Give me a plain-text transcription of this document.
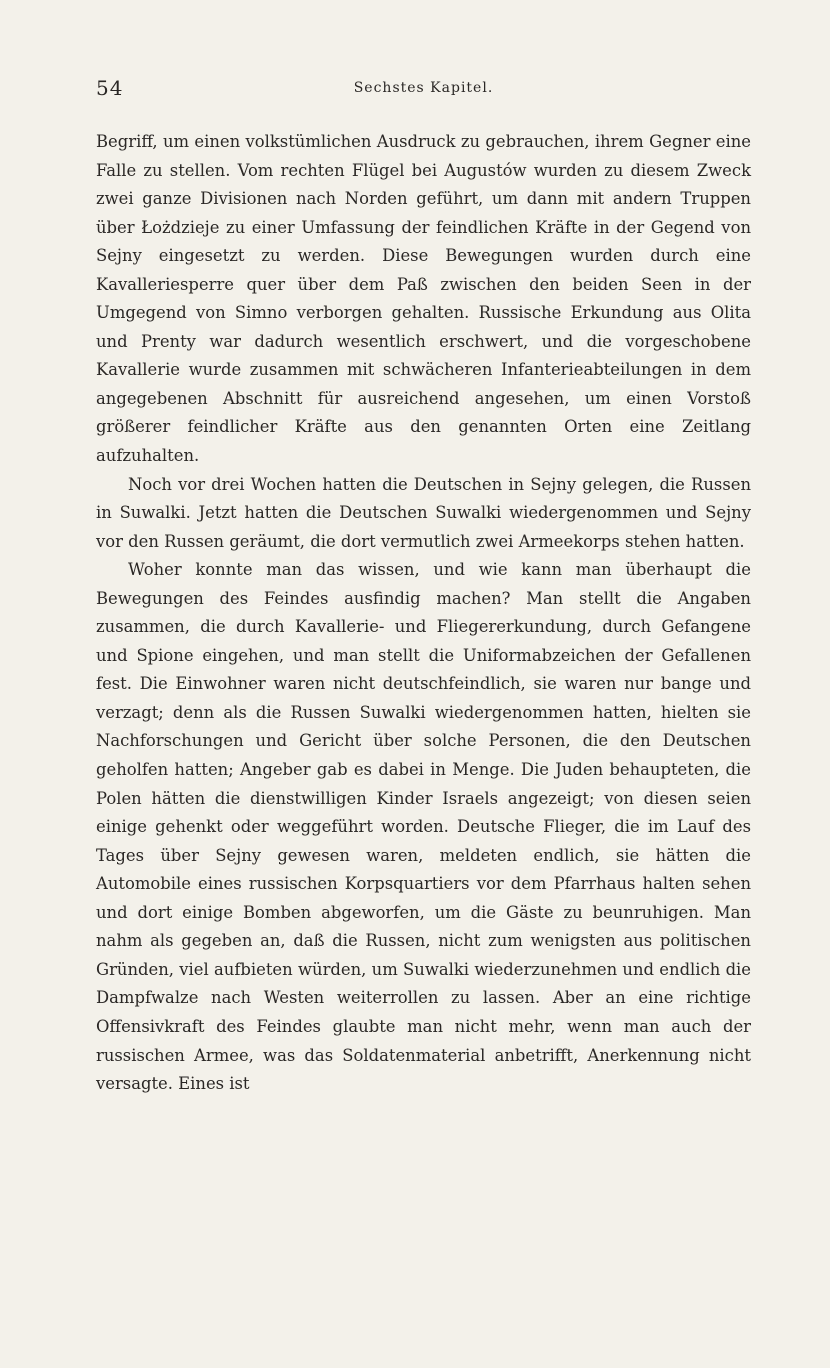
54	Sechstes Kapitel.

Begriff, um einen volkstümlichen Ausdruck zu gebrauchen, ihrem Gegner eine Falle zu stellen. Vom rechten Flügel bei Augustów wurden zu diesem Zweck zwei ganze Divisionen nach Norden geführt, um dann mit andern Truppen über Łożdzieje zu einer Umfassung der feindlichen Kräfte in der Gegend von Sejny eingesetzt zu werden. Diese Bewegungen wurden durch eine Kavalleriesperre quer über dem Paß zwischen den beiden Seen in der Umgegend von Simno verborgen gehalten. Russische Erkundung aus Olita und Prenty war dadurch wesentlich erschwert, und die vorgeschobene Kavallerie wurde zusammen mit schwächeren Infanterieabteilungen in dem angegebenen Abschnitt für ausreichend angesehen, um einen Vorstoß größerer feindlicher Kräfte aus den genannten Orten eine Zeitlang aufzuhalten.

Noch vor drei Wochen hatten die Deutschen in Sejny gelegen, die Russen in Suwalki. Jetzt hatten die Deutschen Suwalki wiedergenommen und Sejny vor den Russen geräumt, die dort vermutlich zwei Armeekorps stehen hatten.

Woher konnte man das wissen, und wie kann man überhaupt die Bewegungen des Feindes ausfindig machen? Man stellt die Angaben zusammen, die durch Kavallerie- und Fliegererkundung, durch Gefangene und Spione eingehen, und man stellt die Uniformabzeichen der Gefallenen fest. Die Einwohner waren nicht deutschfeindlich, sie waren nur bange und verzagt; denn als die Russen Suwalki wiedergenommen hatten, hielten sie Nachforschungen und Gericht über solche Personen, die den Deutschen geholfen hatten; Angeber gab es dabei in Menge. Die Juden behaupteten, die Polen hätten die dienstwilligen Kinder Israels angezeigt; von diesen seien einige gehenkt oder weggeführt worden. Deutsche Flieger, die im Lauf des Tages über Sejny gewesen waren, meldeten endlich, sie hätten die Automobile eines russischen Korpsquartiers vor dem Pfarrhaus halten sehen und dort einige Bomben abgeworfen, um die Gäste zu beunruhigen. Man nahm als gegeben an, daß die Russen, nicht zum wenigsten aus politischen Gründen, viel aufbieten würden, um Suwalki wiederzunehmen und endlich die Dampfwalze nach Westen weiterrollen zu lassen. Aber an eine richtige Offensivkraft des Feindes glaubte man nicht mehr, wenn man auch der russischen Armee, was das Soldatenmaterial anbetrifft, Anerkennung nicht versagte. Eines ist
